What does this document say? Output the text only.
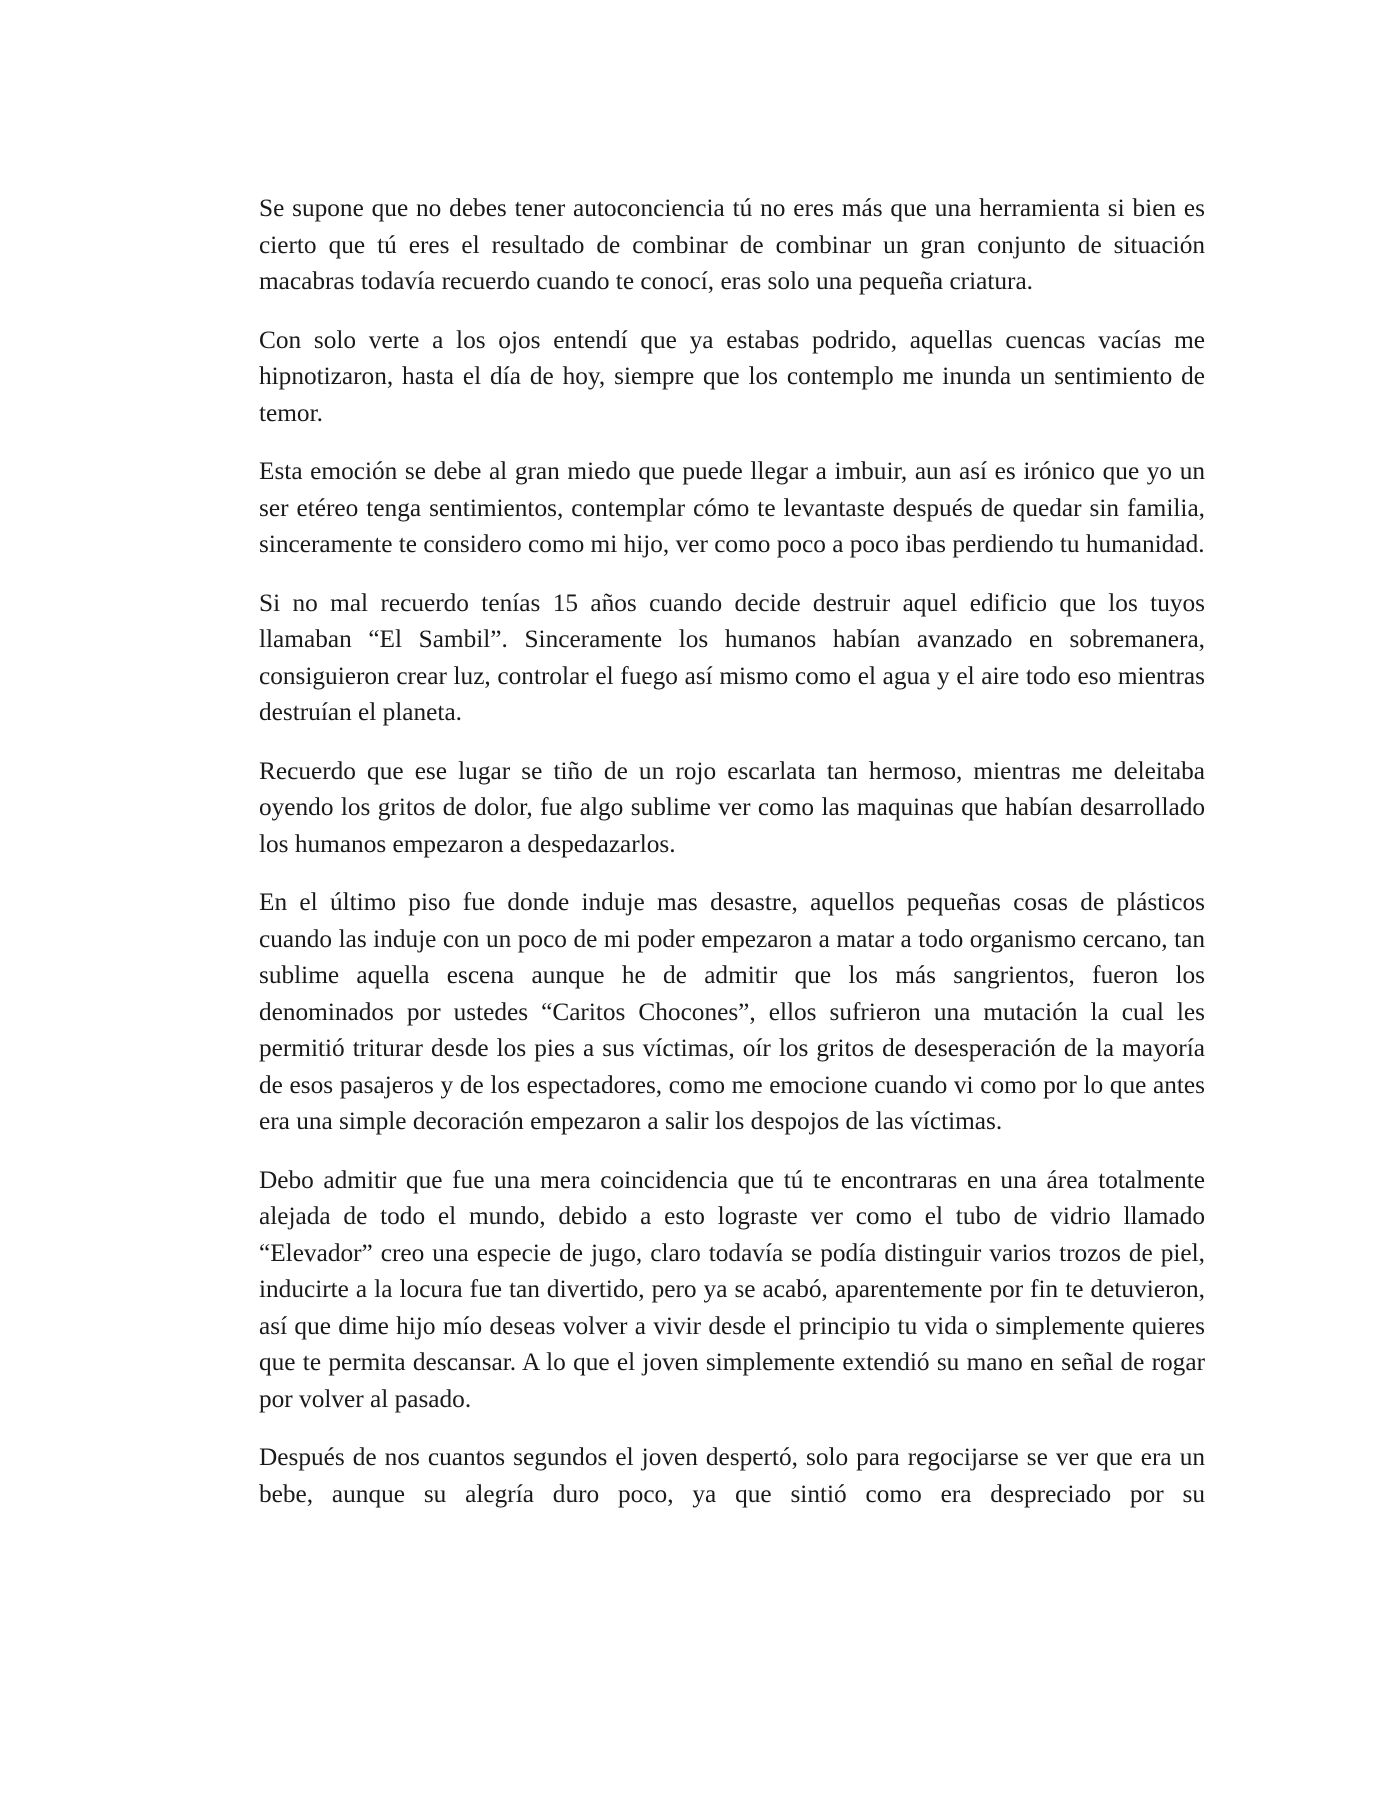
Se supone que no debes tener autoconciencia tú no eres más que una herramienta si bien es cierto que tú eres el resultado de combinar de combinar un gran conjunto de situación macabras todavía recuerdo cuando te conocí, eras solo una pequeña criatura.

Con solo verte a los ojos entendí que ya estabas podrido, aquellas cuencas vacías me hipnotizaron, hasta el día de hoy, siempre que los contemplo me inunda un sentimiento de temor.

Esta emoción se debe al gran miedo que puede llegar a imbuir, aun así es irónico que yo un ser etéreo tenga sentimientos, contemplar cómo te levantaste después de quedar sin familia, sinceramente te considero como mi hijo, ver como poco a poco ibas perdiendo tu humanidad.

Si no mal recuerdo tenías 15 años cuando decide destruir aquel edificio que los tuyos llamaban “El Sambil”. Sinceramente los humanos habían avanzado en sobremanera, consiguieron crear luz, controlar el fuego así mismo como el agua y el aire todo eso mientras destruían el planeta.

Recuerdo que ese lugar se tiño de un rojo escarlata tan hermoso, mientras me deleitaba oyendo los gritos de dolor, fue algo sublime ver como las maquinas que habían desarrollado los humanos empezaron a despedazarlos.

En el último piso fue donde induje mas desastre, aquellos pequeñas cosas de plásticos cuando las induje con un poco de mi poder empezaron a matar a todo organismo cercano, tan sublime aquella escena aunque he de admitir que los más sangrientos, fueron los denominados por ustedes “Caritos Chocones”, ellos sufrieron una mutación la cual les permitió triturar desde los pies a sus víctimas, oír los gritos de desesperación de la mayoría de esos pasajeros y de los espectadores, como me emocione cuando vi como por lo que antes era una simple decoración empezaron a salir los despojos de las víctimas.

Debo admitir que fue una mera coincidencia que tú te encontraras en una área totalmente alejada de todo el mundo, debido a esto lograste ver como el tubo de vidrio llamado “Elevador” creo una especie de jugo, claro todavía se podía distinguir varios trozos de piel, inducirte a la locura fue tan divertido, pero ya se acabó, aparentemente por fin te detuvieron, así que dime hijo mío deseas volver a vivir desde el principio tu vida o simplemente quieres que te permita descansar. A lo que el joven simplemente extendió su mano en señal de rogar por volver al pasado.

Después de nos cuantos segundos el joven despertó, solo para regocijarse se ver que era un bebe, aunque su alegría duro poco, ya que sintió como era despreciado por su
